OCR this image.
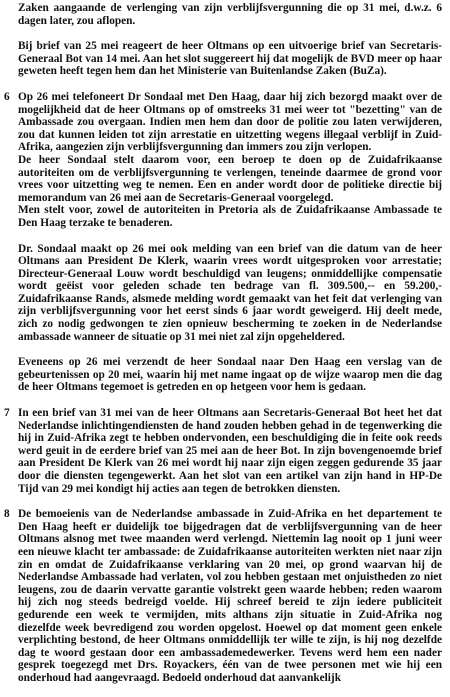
Zaken aangaande de verlenging van zijn verblijfsvergunning die op 31 mei, d.w.z. 6 dagen later, zou aflopen.
Bij brief van 25 mei reageert de heer Oltmans op een uitvoerige brief van Secretaris-Generaal Bot van 14 mei. Aan het slot suggereert hij dat mogelijk de BVD meer op haar geweten heeft tegen hem dan het Ministerie van Buitenlandse Zaken (BuZa).
6 Op 26 mei telefoneert Dr Sondaal met Den Haag, daar hij zich bezorgd maakt over de mogelijkheid dat de heer Oltmans op of omstreeks 31 mei weer tot "bezetting" van de Ambassade zou overgaan. Indien men hem dan door de politie zou laten verwijderen, zou dat kunnen leiden tot zijn arrestatie en uitzetting wegens illegaal verblijf in Zuid-Afrika, aangezien zijn verblijfsvergunning dan immers zou zijn verlopen.
De heer Sondaal stelt daarom voor, een beroep te doen op de Zuidafrikaanse autoriteiten om de verblijfsvergunning te verlengen, teneinde daarmee de grond voor vrees voor uitzetting weg te nemen. Een en ander wordt door de politieke directie bij memorandum van 26 mei aan de Secretaris-Generaal voorgelegd.
Men stelt voor, zowel de autoriteiten in Pretoria als de Zuidafrikaanse Ambassade te Den Haag terzake te benaderen.
Dr. Sondaal maakt op 26 mei ook melding van een brief van die datum van de heer Oltmans aan President De Klerk, waarin vrees wordt uitgesproken voor arrestatie; Directeur-Generaal Louw wordt beschuldigd van leugens; onmiddellijke compensatie wordt geëist voor geleden schade ten bedrage van fl. 309.500,-- en 59.200,- Zuidafrikaanse Rands, alsmede melding wordt gemaakt van het feit dat verlenging van zijn verblijfsvergunning voor het eerst sinds 6 jaar wordt geweigerd. Hij deelt mede, zich zo nodig gedwongen te zien opnieuw bescherming te zoeken in de Nederlandse ambassade wanneer de situatie op 31 mei niet zal zijn opgeheldered.
Eveneens op 26 mei verzendt de heer Sondaal naar Den Haag een verslag van de gebeurtenissen op 20 mei, waarin hij met name ingaat op de wijze waarop men die dag de heer Oltmans tegemoet is getreden en op hetgeen voor hem is gedaan.
7 In een brief van 31 mei van de heer Oltmans aan Secretaris-Generaal Bot heet het dat Nederlandse inlichtingendiensten de hand zouden hebben gehad in de tegenwerking die hij in Zuid-Afrika zegt te hebben ondervonden, een beschuldiging die in feite ook reeds werd geuit in de eerdere brief van 25 mei aan de heer Bot. In zijn bovengenoemde brief aan President De Klerk van 26 mei wordt hij naar zijn eigen zeggen gedurende 35 jaar door die diensten tegengewerkt. Aan het slot van een artikel van zijn hand in HP-De Tijd van 29 mei kondigt hij acties aan tegen de betrokken diensten.
8 De bemoeienis van de Nederlandse ambassade in Zuid-Afrika en het departement te Den Haag heeft er duidelijk toe bijgedragen dat de verblijfsvergunning van de heer Oltmans alsnog met twee maanden werd verlengd. Niettemin lag nooit op 1 juni weer een nieuwe klacht ter ambassade: de Zuidafrikaanse autoriteiten werkten niet naar zijn zin en omdat de Zuidafrikaanse verklaring van 20 mei, op grond waarvan hij de Nederlandse Ambassade had verlaten, vol zou hebben gestaan met onjuistheden zo niet leugens, zou de daarin vervatte garantie volstrekt geen waarde hebben; reden waarom hij zich nog steeds bedreigd voelde. Hij schreef bereid te zijn iedere publiciteit gedurende een week te vermijden, mits althans zijn situatie in Zuid-Afrika nog diezelfde week bevredigend zou worden opgelost. Hoewel op dat moment geen enkele verplichting bestond, de heer Oltmans onmiddellijk ter wille te zijn, is hij nog dezelfde dag te woord gestaan door een ambassademedewerker. Tevens werd hem een nader gesprek toegezegd met Drs. Royackers, één van de twee personen met wie hij een onderhoud had aangevraagd. Bedoeld onderhoud dat aanvankelijk
